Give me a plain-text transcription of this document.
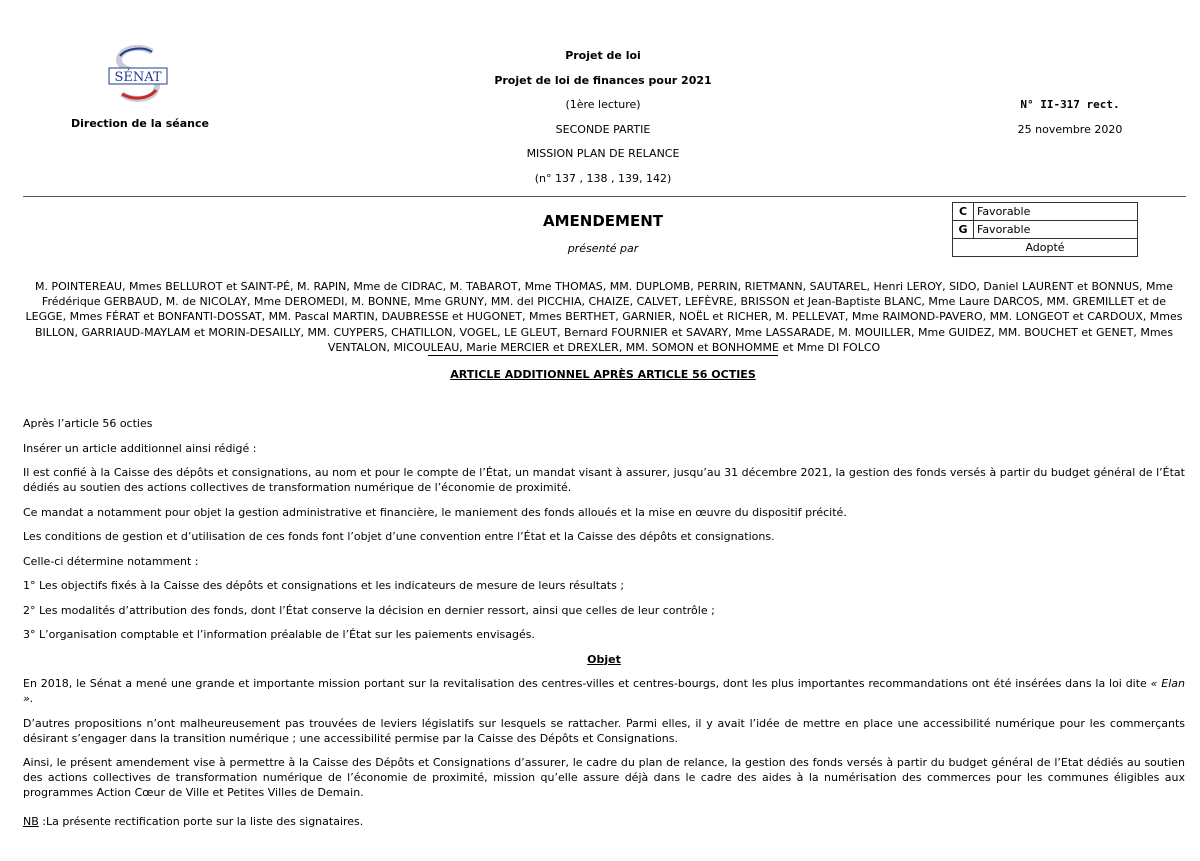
SÉNAT
Direction de la séance
Projet de loi
Projet de loi de finances pour 2021
(1ère lecture)
SECONDE PARTIE
MISSION PLAN DE RELANCE
(n° 137 , 138 , 139, 142)
N° II-317 rect.
25 novembre 2020
AMENDEMENT
présenté par
C	Favorable
G	Favorable
Adopté	
M. POINTEREAU, Mmes BELLUROT et SAINT-PÉ, M. RAPIN, Mme de CIDRAC, M. TABAROT, Mme THOMAS, MM. DUPLOMB, PERRIN, RIETMANN, SAUTAREL, Henri LEROY, SIDO, Daniel LAURENT et BONNUS, Mme Frédérique GERBAUD, M. de NICOLAY, Mme DEROMEDI, M. BONNE, Mme GRUNY, MM. del PICCHIA, CHAIZE, CALVET, LEFÈVRE, BRISSON et Jean-Baptiste BLANC, Mme Laure DARCOS, MM. GREMILLET et de LEGGE, Mmes FÉRAT et BONFANTI-DOSSAT, MM. Pascal MARTIN, DAUBRESSE et HUGONET, Mmes BERTHET, GARNIER, NOËL et RICHER, M. PELLEVAT, Mme RAIMOND-PAVERO, MM. LONGEOT et CARDOUX, Mmes BILLON, GARRIAUD-MAYLAM et MORIN-DESAILLY, MM. CUYPERS, CHATILLON, VOGEL, LE GLEUT, Bernard FOURNIER et SAVARY, Mme LASSARADE, M. MOUILLER, Mme GUIDEZ, MM. BOUCHET et GENET, Mmes VENTALON, MICOULEAU, Marie MERCIER et DREXLER, MM. SOMON et BONHOMME et Mme DI FOLCO
ARTICLE ADDITIONNEL APRÈS ARTICLE 56 OCTIES

Après l’article 56 octies

Insérer un article additionnel ainsi rédigé :

Il est confié à la Caisse des dépôts et consignations, au nom et pour le compte de l’État, un mandat visant à assurer, jusqu’au 31 décembre 2021, la gestion des fonds versés à partir du budget général de l’État dédiés au soutien des actions collectives de transformation numérique de l’économie de proximité.

Ce mandat a notamment pour objet la gestion administrative et financière, le maniement des fonds alloués et la mise en œuvre du dispositif précité.

Les conditions de gestion et d’utilisation de ces fonds font l’objet d’une convention entre l’État et la Caisse des dépôts et consignations.

Celle-ci détermine notamment :

1° Les objectifs fixés à la Caisse des dépôts et consignations et les indicateurs de mesure de leurs résultats ;

2° Les modalités d’attribution des fonds, dont l’État conserve la décision en dernier ressort, ainsi que celles de leur contrôle ;

3° L’organisation comptable et l’information préalable de l’État sur les paiements envisagés.

Objet

En 2018, le Sénat a mené une grande et importante mission portant sur la revitalisation des centres-villes et centres-bourgs, dont les plus importantes recommandations ont été insérées dans la loi dite « Elan ».

D’autres propositions n’ont malheureusement pas trouvées de leviers législatifs sur lesquels se rattacher. Parmi elles, il y avait l’idée de mettre en place une accessibilité numérique pour les commerçants désirant s’engager dans la transition numérique ; une accessibilité permise par la Caisse des Dépôts et Consignations.

Ainsi, le présent amendement vise à permettre à la Caisse des Dépôts et Consignations d’assurer, le cadre du plan de relance, la gestion des fonds versés à partir du budget général de l’Etat dédiés au soutien des actions collectives de transformation numérique de l’économie de proximité, mission qu’elle assure déjà dans le cadre des aides à la numérisation des commerces pour les communes éligibles aux programmes Action Cœur de Ville et Petites Villes de Demain.

NB :La présente rectification porte sur la liste des signataires.
